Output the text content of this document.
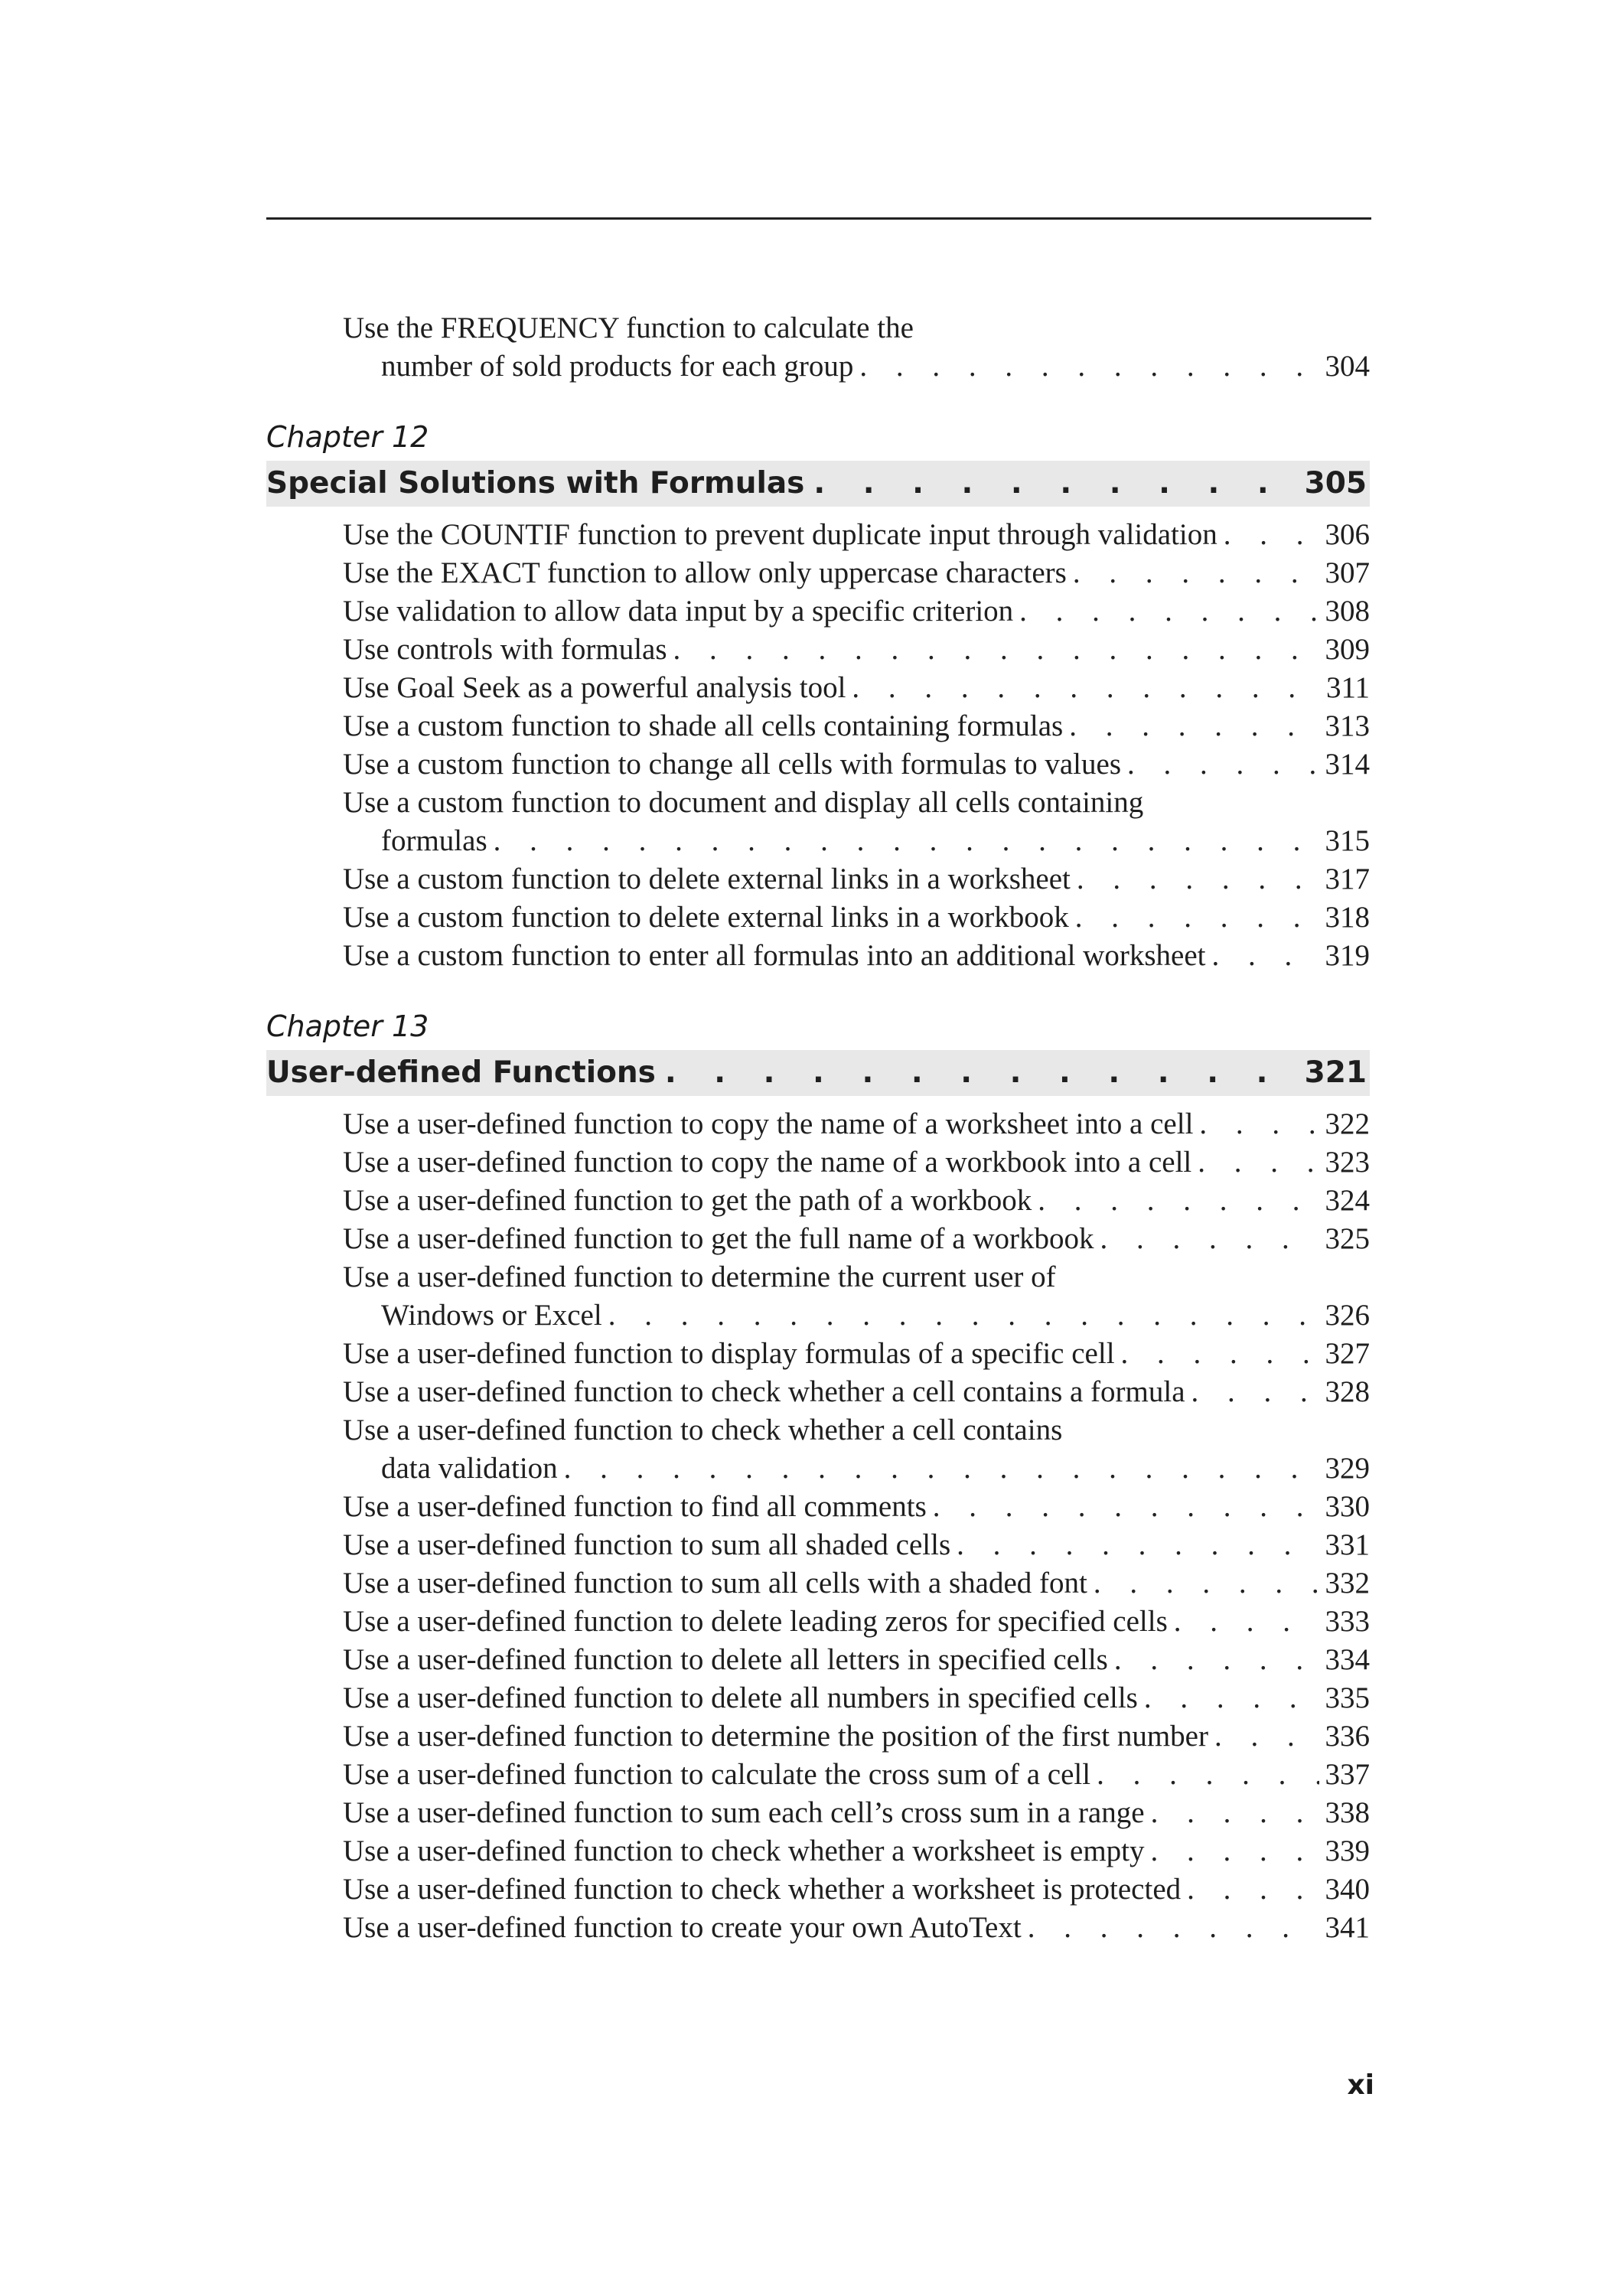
Use the FREQUENCY function to calculate the
number of sold products for each group . . .	304
Chapter 12
Special Solutions with Formulas . . .	305
Use the COUNTIF function to prevent duplicate input through validation . . .	306
Use the EXACT function to allow only uppercase characters . . .	307
Use validation to allow data input by a specific criterion . . .	308
Use controls with formulas . . .	309
Use Goal Seek as a powerful analysis tool . . .	311
Use a custom function to shade all cells containing formulas . . .	313
Use a custom function to change all cells with formulas to values . . .	314
Use a custom function to document and display all cells containing
formulas . . .	315
Use a custom function to delete external links in a worksheet . . .	317
Use a custom function to delete external links in a workbook . . .	318
Use a custom function to enter all formulas into an additional worksheet . . .	319
Chapter 13
User-defined Functions . . .	321
Use a user-defined function to copy the name of a worksheet into a cell . . .	322
Use a user-defined function to copy the name of a workbook into a cell . . .	323
Use a user-defined function to get the path of a workbook . . .	324
Use a user-defined function to get the full name of a workbook . . .	325
Use a user-defined function to determine the current user of
Windows or Excel . . .	326
Use a user-defined function to display formulas of a specific cell . . .	327
Use a user-defined function to check whether a cell contains a formula . . .	328
Use a user-defined function to check whether a cell contains
data validation . . .	329
Use a user-defined function to find all comments . . .	330
Use a user-defined function to sum all shaded cells . . .	331
Use a user-defined function to sum all cells with a shaded font . . .	332
Use a user-defined function to delete leading zeros for specified cells . . .	333
Use a user-defined function to delete all letters in specified cells . . .	334
Use a user-defined function to delete all numbers in specified cells . . .	335
Use a user-defined function to determine the position of the first number . . .	336
Use a user-defined function to calculate the cross sum of a cell . . .	337
Use a user-defined function to sum each cell’s cross sum in a range . . .	338
Use a user-defined function to check whether a worksheet is empty . . .	339
Use a user-defined function to check whether a worksheet is protected . . .	340
Use a user-defined function to create your own AutoText . . .	341
xi
